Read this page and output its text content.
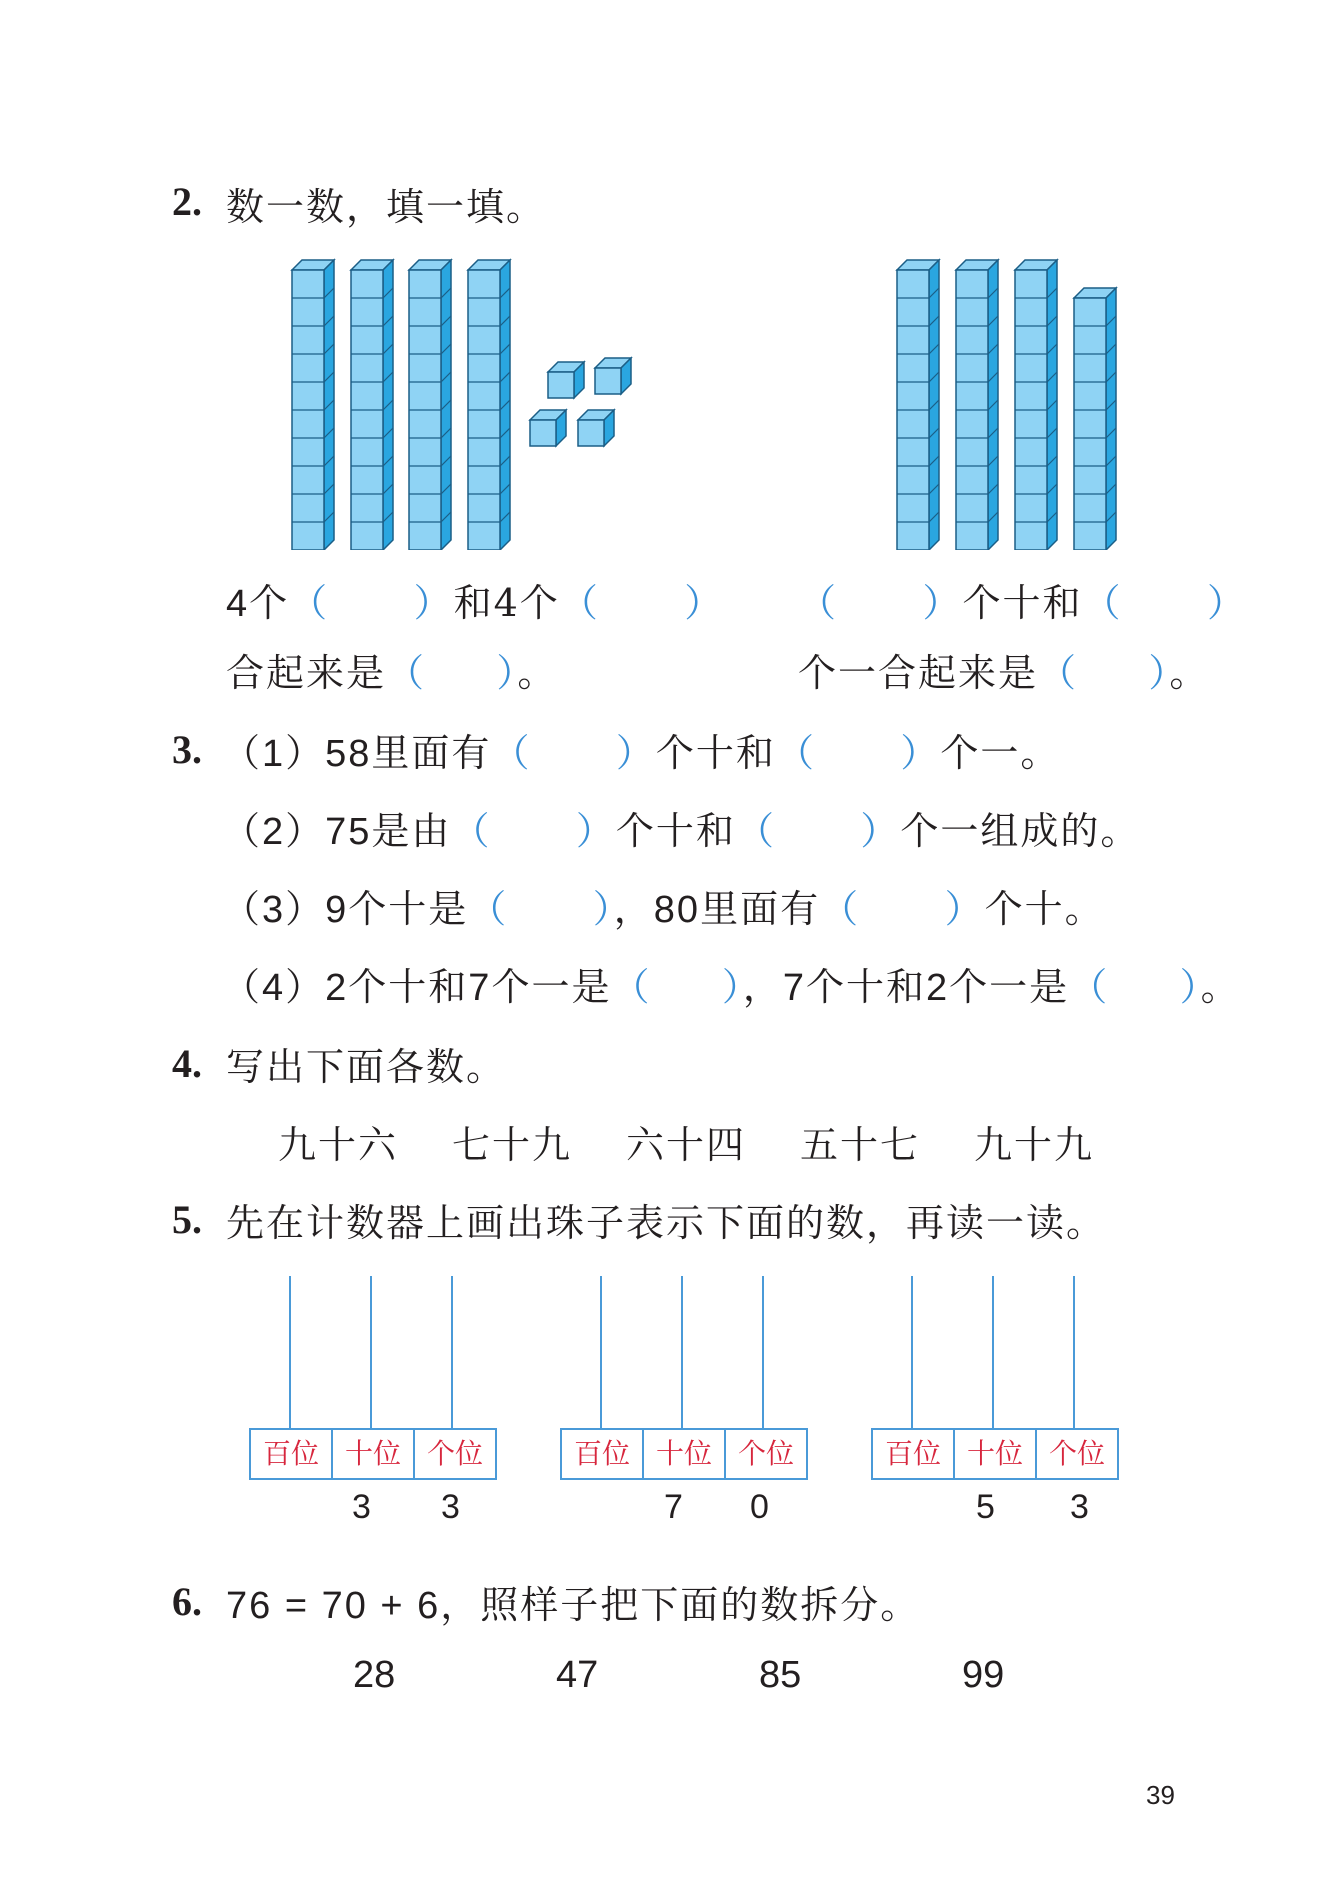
2. 数一数，填一填。
4个（      ）和4个（      ）
合起来是（     ）。
（      ）个十和（      ）
个一合起来是（     ）。
3. （1）58里面有（      ）个十和（      ）个一。
（2）75是由（      ）个十和（      ）个一组成的。
（3）9个十是（      ），80里面有（      ）个十。
（4）2个十和7个一是（     ），7个十和2个一是（     ）。
4. 写出下面各数。
九十六 七十九 六十四 五十七 九十九
5. 先在计数器上画出珠子表示下面的数，再读一读。
百位 十位 个位
3 3
百位 十位 个位
7 0
百位 十位 个位
5 3
6. 76 = 70 + 6，照样子把下面的数拆分。
28	47	85	99
39
